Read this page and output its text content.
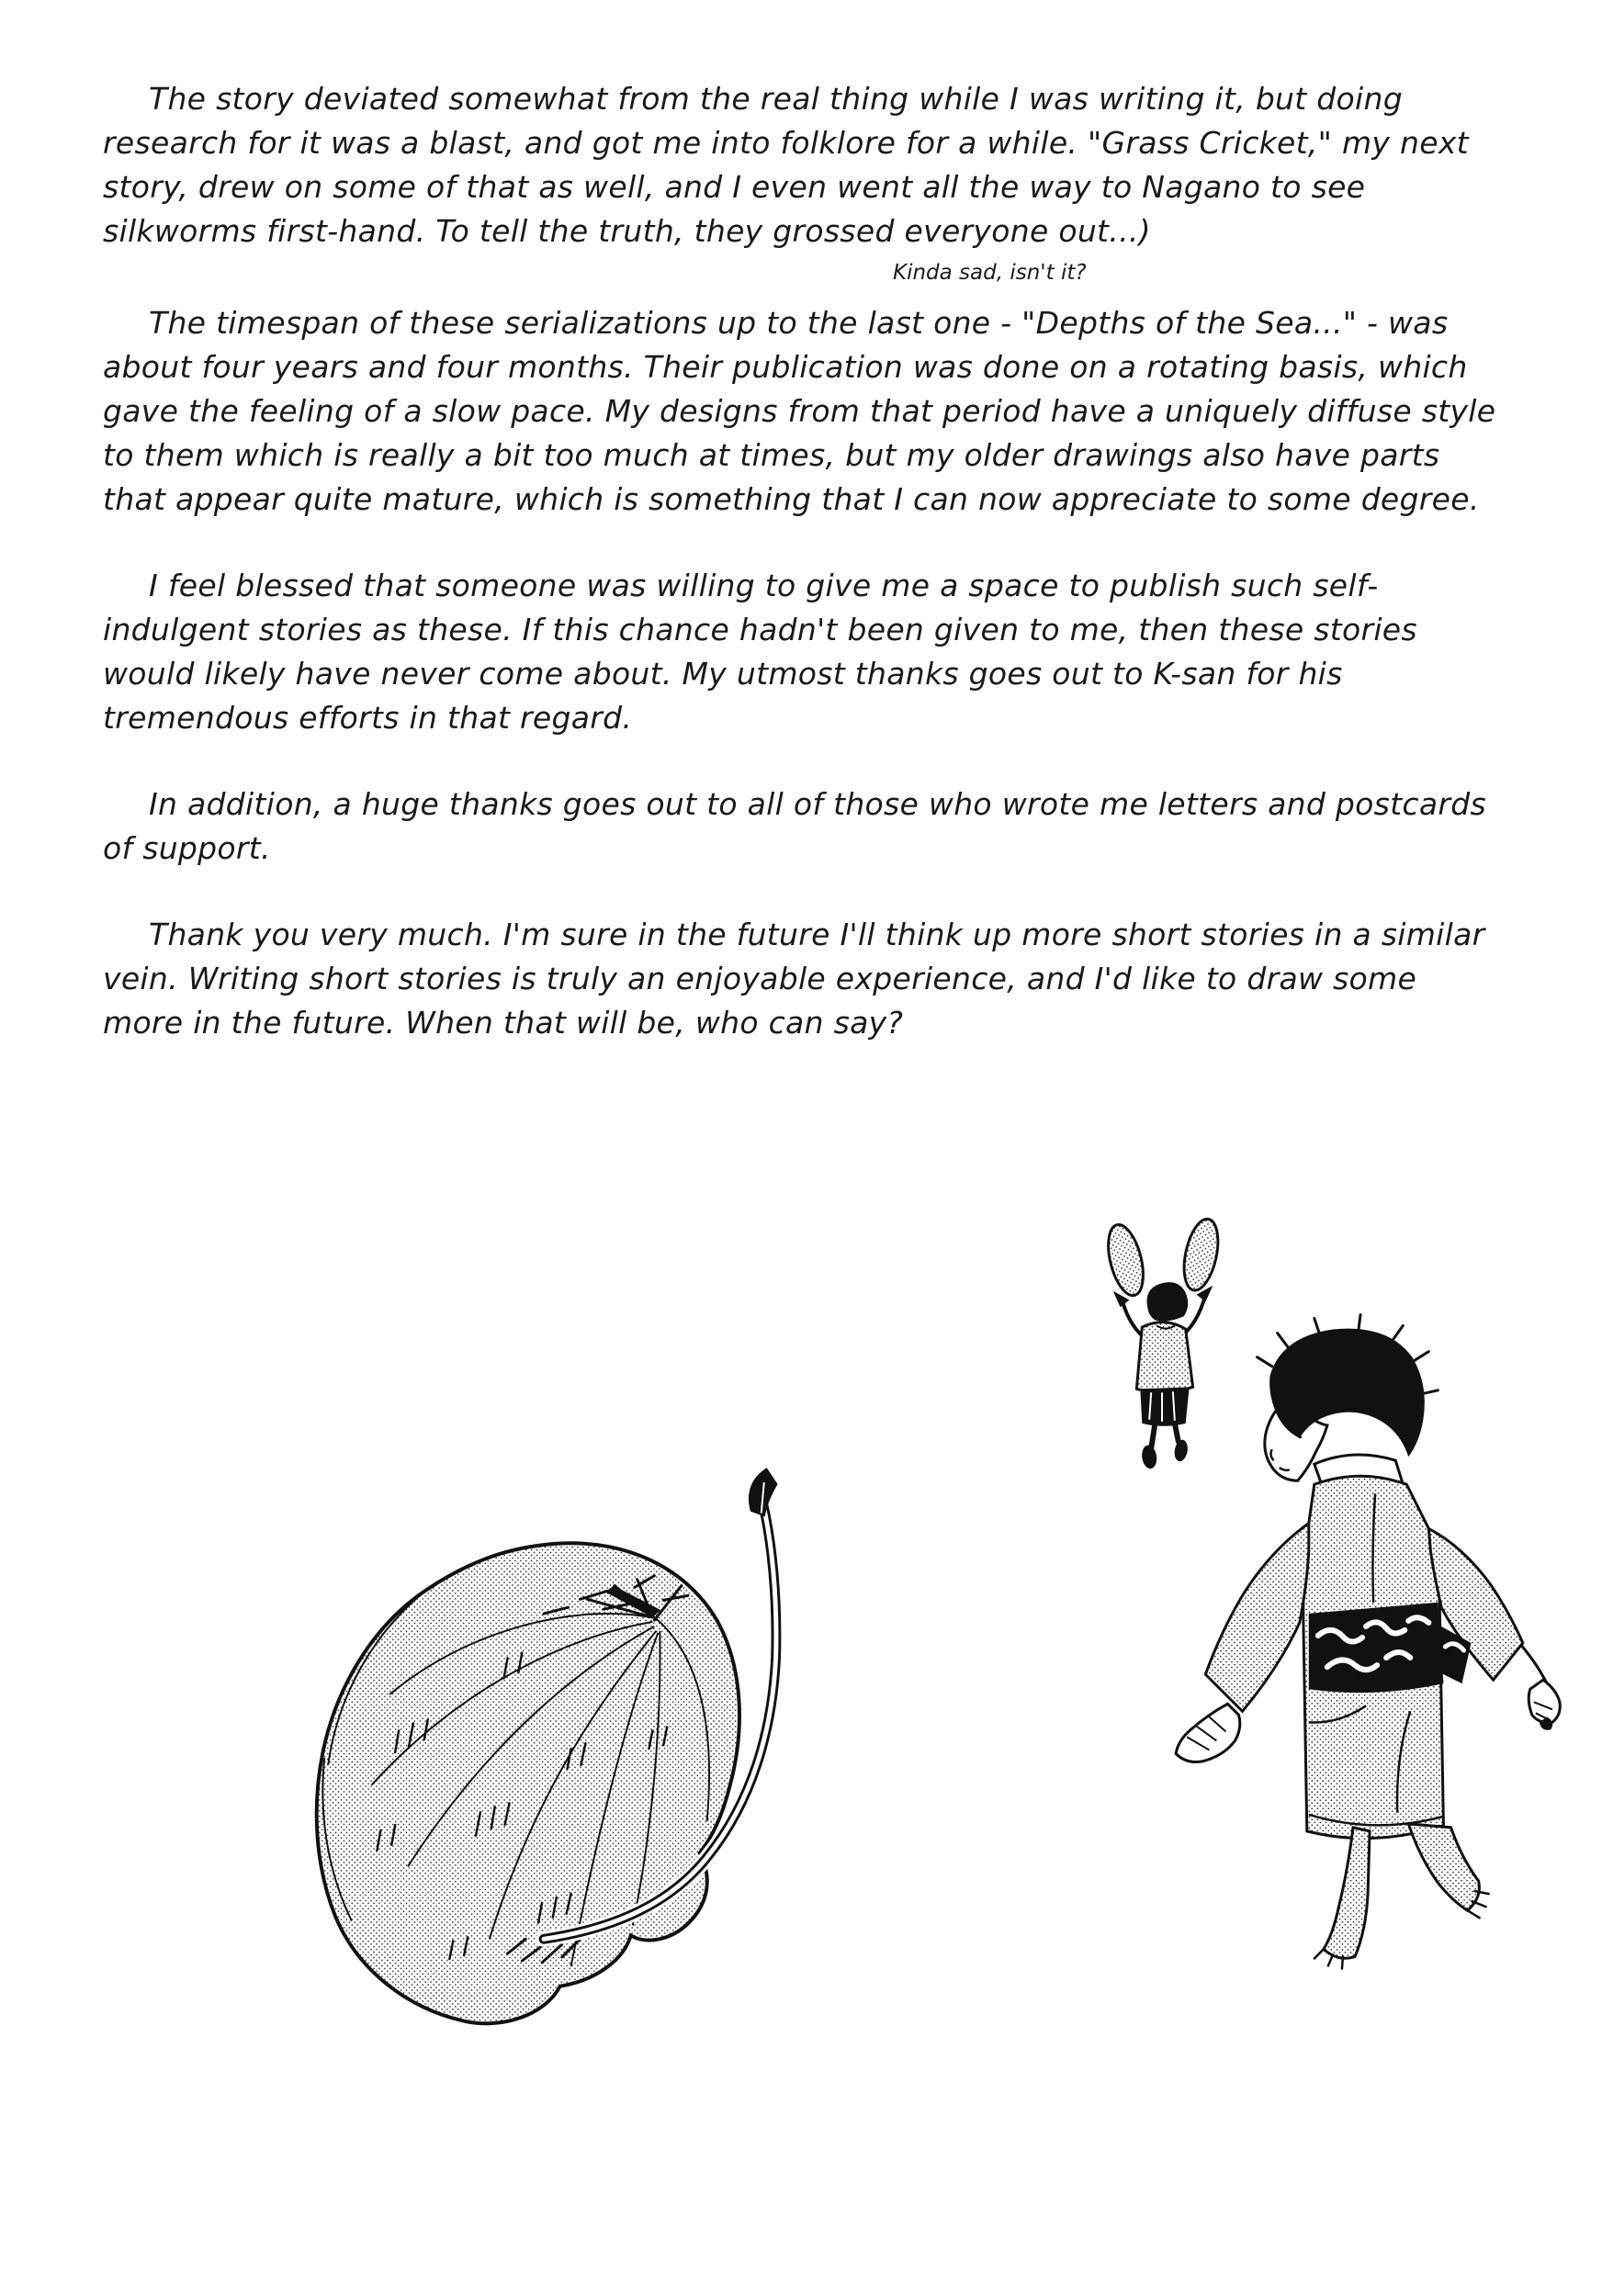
The story deviated somewhat from the real thing while I was writing it, but doing research for it was a blast, and got me into folklore for a while. "Grass Cricket," my next story, drew on some of that as well, and I even went all the way to Nagano to see silkworms first-hand. To tell the truth, they grossed everyone out...)

Kinda sad, isn't it?

The timespan of these serializations up to the last one - "Depths of the Sea..." - was about four years and four months. Their publication was done on a rotating basis, which gave the feeling of a slow pace. My designs from that period have a uniquely diffuse style to them which is really a bit too much at times, but my older drawings also have parts that appear quite mature, which is something that I can now appreciate to some degree.

I feel blessed that someone was willing to give me a space to publish such self-indulgent stories as these. If this chance hadn't been given to me, then these stories would likely have never come about. My utmost thanks goes out to K-san for his tremendous efforts in that regard.

In addition, a huge thanks goes out to all of those who wrote me letters and postcards of support.

Thank you very much. I'm sure in the future I'll think up more short stories in a similar vein. Writing short stories is truly an enjoyable experience, and I'd like to draw some more in the future. When that will be, who can say?
